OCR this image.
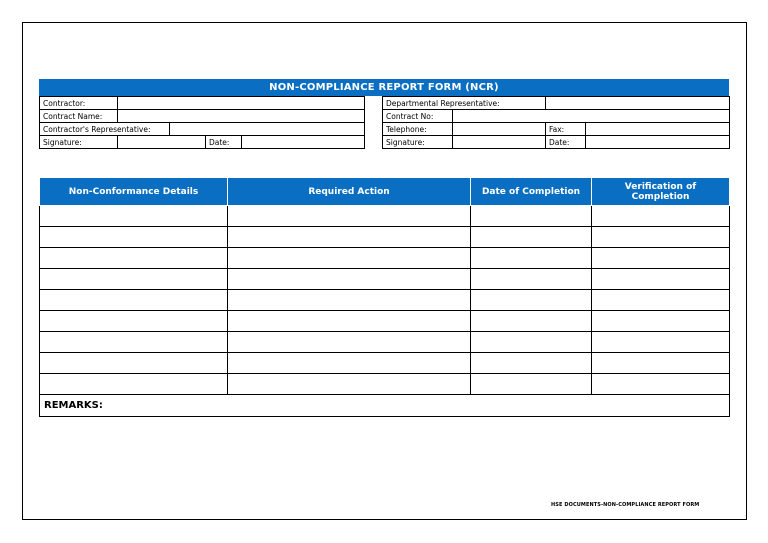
NON-COMPLIANCE REPORT FORM (NCR)
Contractor:				
Contract Name:				
Contractor's Representative:				
Signature:			Date:	
Departmental Representative:			
Contract No:			
Telephone:		Fax:	
Signature:		Date:	
Non-Conformance Details	Required Action	Date of Completion	Verification of Completion

REMARKS:			
HSE DOCUMENTS-NON-COMPLIANCE REPORT FORM
